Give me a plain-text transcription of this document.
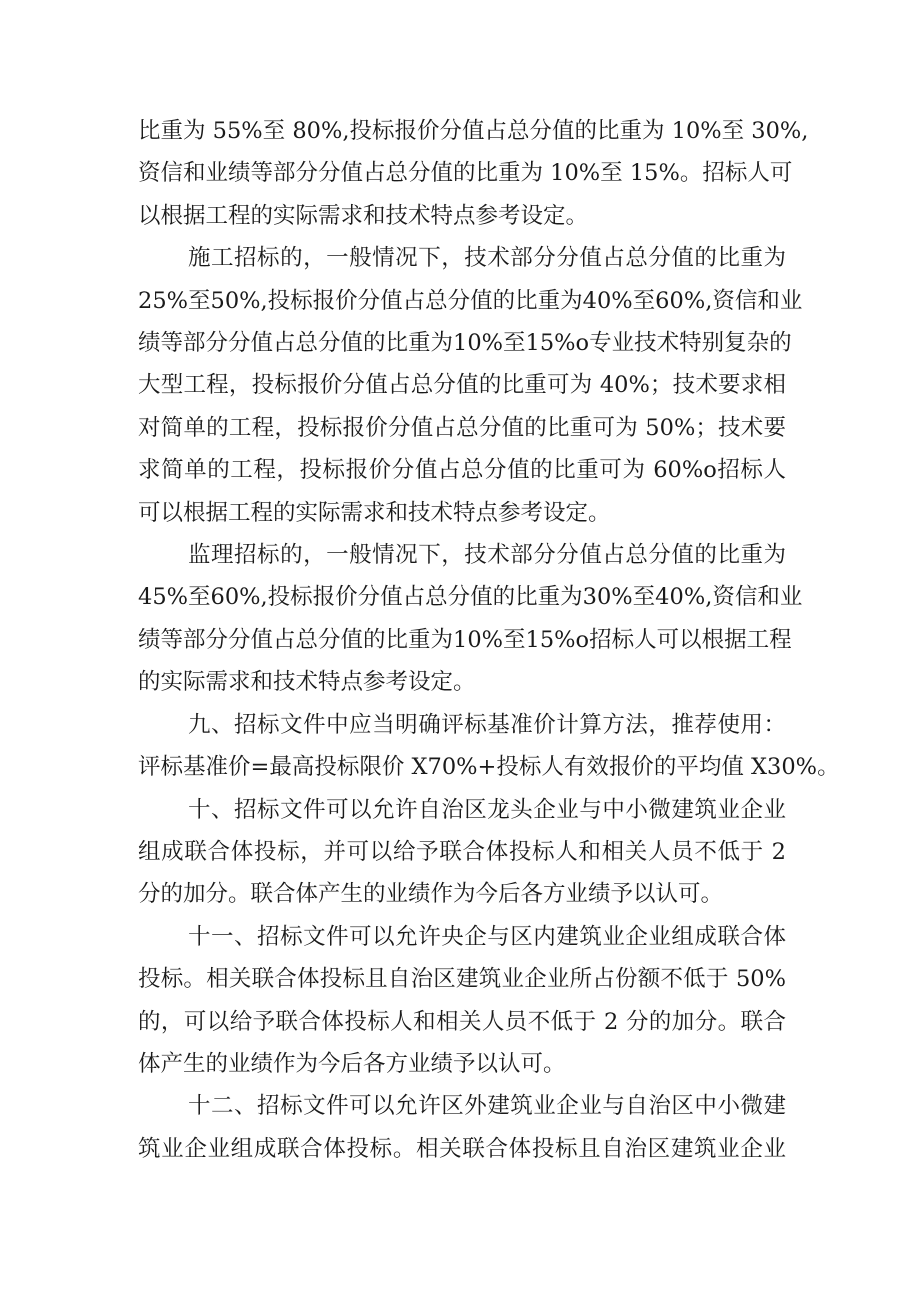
比重为 55%至 80%,投标报价分值占总分值的比重为 10%至 30%,
资信和业绩等部分分值占总分值的比重为 10%至 15%。招标人可
以根据工程的实际需求和技术特点参考设定。
施工招标的，一般情况下，技术部分分值占总分值的比重为
25%至50%,投标报价分值占总分值的比重为40%至60%,资信和业
绩等部分分值占总分值的比重为10%至15%o专业技术特别复杂的
大型工程，投标报价分值占总分值的比重可为 40%；技术要求相
对简单的工程，投标报价分值占总分值的比重可为 50%；技术要
求简单的工程，投标报价分值占总分值的比重可为 60%o招标人
可以根据工程的实际需求和技术特点参考设定。
监理招标的，一般情况下，技术部分分值占总分值的比重为
45%至60%,投标报价分值占总分值的比重为30%至40%,资信和业
绩等部分分值占总分值的比重为10%至15%o招标人可以根据工程
的实际需求和技术特点参考设定。
九、招标文件中应当明确评标基准价计算方法，推荐使用：
评标基准价=最高投标限价 X70%+投标人有效报价的平均值 X30%。
十、招标文件可以允许自治区龙头企业与中小微建筑业企业
组成联合体投标，并可以给予联合体投标人和相关人员不低于 2
分的加分。联合体产生的业绩作为今后各方业绩予以认可。
十一、招标文件可以允许央企与区内建筑业企业组成联合体
投标。相关联合体投标且自治区建筑业企业所占份额不低于 50%
的，可以给予联合体投标人和相关人员不低于 2 分的加分。联合
体产生的业绩作为今后各方业绩予以认可。
十二、招标文件可以允许区外建筑业企业与自治区中小微建
筑业企业组成联合体投标。相关联合体投标且自治区建筑业企业
